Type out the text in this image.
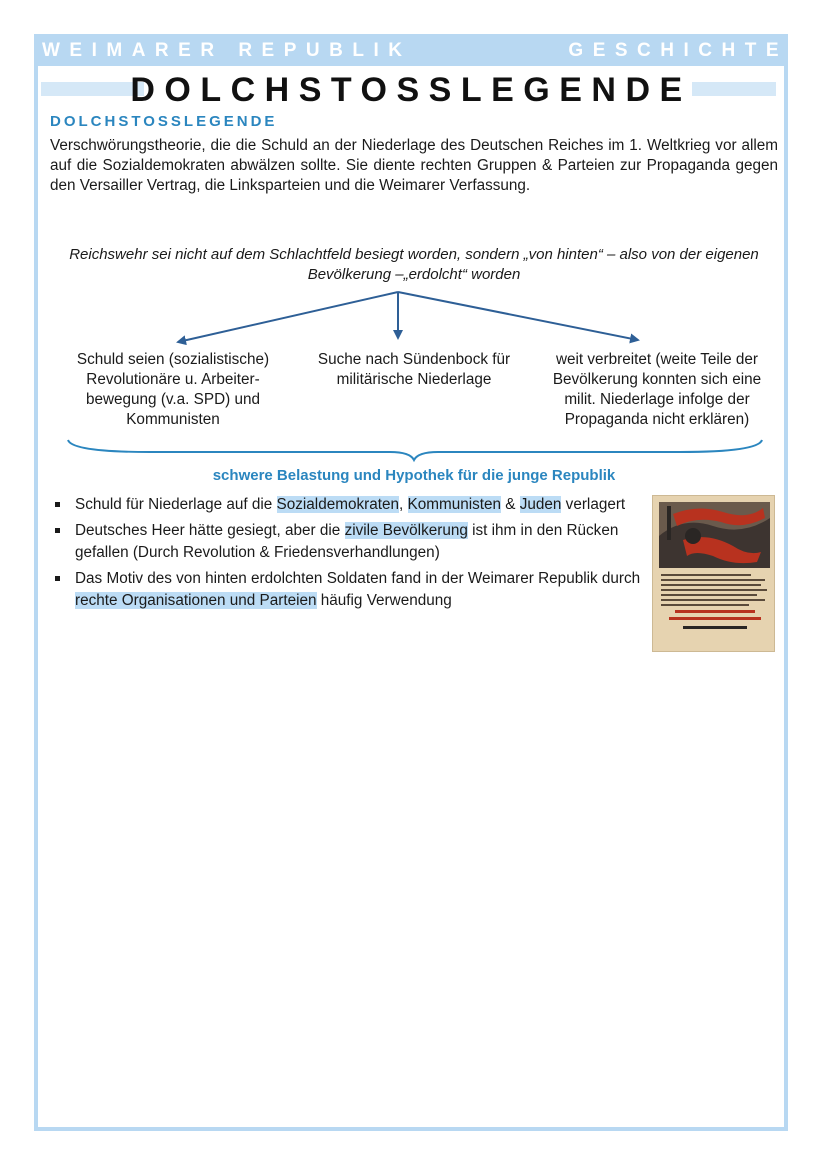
WEIMARER REPUBLIK	GESCHICHTE
DOLCHSTOSSLEGENDE
DOLCHSTOSSLEGENDE

Verschwörungstheorie, die die Schuld an der Niederlage des Deutschen Reiches im 1. Weltkrieg vor allem auf die Sozialdemokraten abwälzen sollte. Sie diente rechten Gruppen & Parteien zur Propaganda gegen den Versailler Vertrag, die Linksparteien und die Weimarer Verfassung.

Reichswehr sei nicht auf dem Schlachtfeld besiegt worden, sondern „von hinten“ – also von der eigenen Bevölkerung –„erdolcht“ worden

Schuld seien (sozialistische) Revolutionäre u. Arbeiter-bewegung (v.a. SPD) und Kommunisten

Suche nach Sündenbock für militärische Niederlage

weit verbreitet (weite Teile der Bevölkerung konnten sich eine milit. Niederlage infolge der Propaganda nicht erklären)

schwere Belastung und Hypothek für die junge Republik
Schuld für Niederlage auf die Sozialdemokraten, Kommunisten & Juden verlagert
Deutsches Heer hätte gesiegt, aber die zivile Bevölkerung ist ihm in den Rücken gefallen (Durch Revolution & Friedensverhandlungen)
Das Motiv des von hinten erdolchten Soldaten fand in der Weimarer Republik durch rechte Organisationen und Parteien häufig Verwendung
